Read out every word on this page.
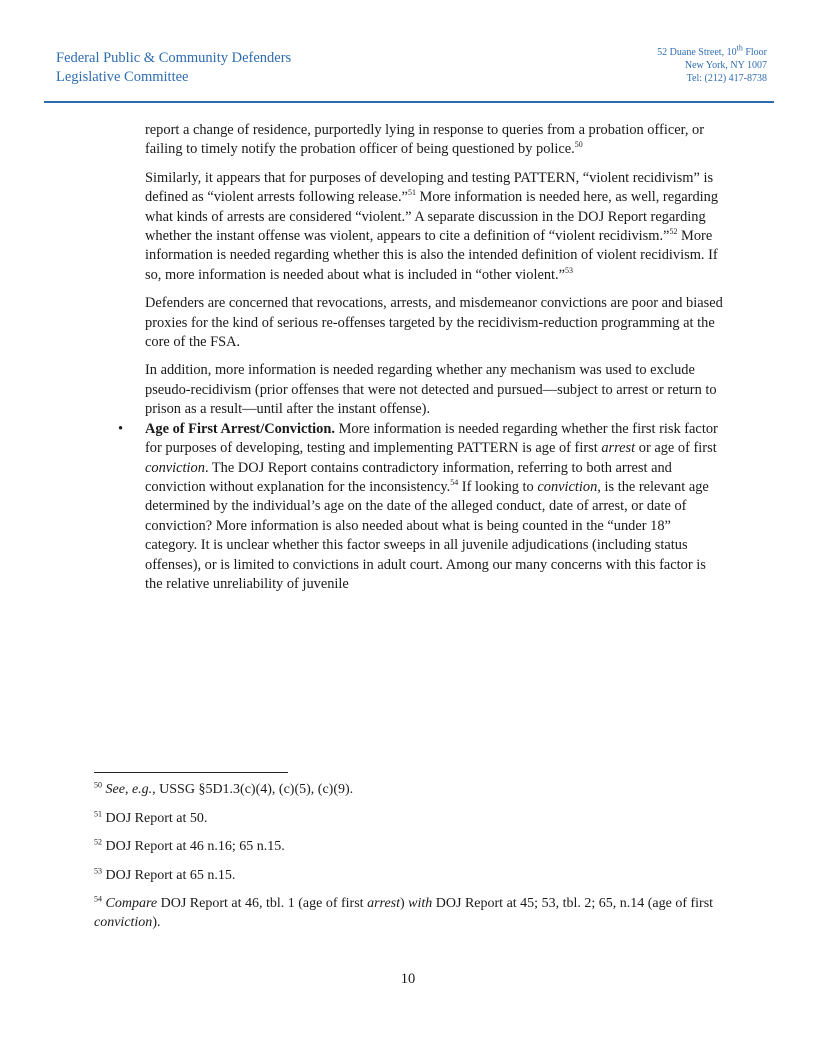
Federal Public & Community Defenders
Legislative Committee
52 Duane Street, 10th Floor
New York, NY 1007
Tel: (212) 417-8738

report a change of residence, purportedly lying in response to queries from a probation officer, or failing to timely notify the probation officer of being questioned by police.$^{50}$

Similarly, it appears that for purposes of developing and testing PATTERN, “violent recidivism” is defined as “violent arrests following release.”$^{51}$ More information is needed here, as well, regarding what kinds of arrests are considered “violent.” A separate discussion in the DOJ Report regarding whether the instant offense was violent, appears to cite a definition of “violent recidivism.”$^{52}$ More information is needed regarding whether this is also the intended definition of violent recidivism. If so, more information is needed about what is included in “other violent.”$^{53}$

Defenders are concerned that revocations, arrests, and misdemeanor convictions are poor and biased proxies for the kind of serious re-offenses targeted by the recidivism-reduction programming at the core of the FSA.

In addition, more information is needed regarding whether any mechanism was used to exclude pseudo-recidivism (prior offenses that were not detected and pursued—subject to arrest or return to prison as a result—until after the instant offense).

• Age of First Arrest/Conviction. More information is needed regarding whether the first risk factor for purposes of developing, testing and implementing PATTERN is age of first arrest or age of first conviction. The DOJ Report contains contradictory information, referring to both arrest and conviction without explanation for the inconsistency.$^{54}$ If looking to conviction, is the relevant age determined by the individual’s age on the date of the alleged conduct, date of arrest, or date of conviction? More information is also needed about what is being counted in the “under 18” category. It is unclear whether this factor sweeps in all juvenile adjudications (including status offenses), or is limited to convictions in adult court. Among our many concerns with this factor is the relative unreliability of juvenile

$^{50}$ See, e.g., USSG §5D1.3(c)(4), (c)(5), (c)(9).

$^{51}$ DOJ Report at 50.

$^{52}$ DOJ Report at 46 n.16; 65 n.15.

$^{53}$ DOJ Report at 65 n.15.

$^{54}$ Compare DOJ Report at 46, tbl. 1 (age of first arrest) with DOJ Report at 45; 53, tbl. 2; 65, n.14 (age of first conviction).

10
